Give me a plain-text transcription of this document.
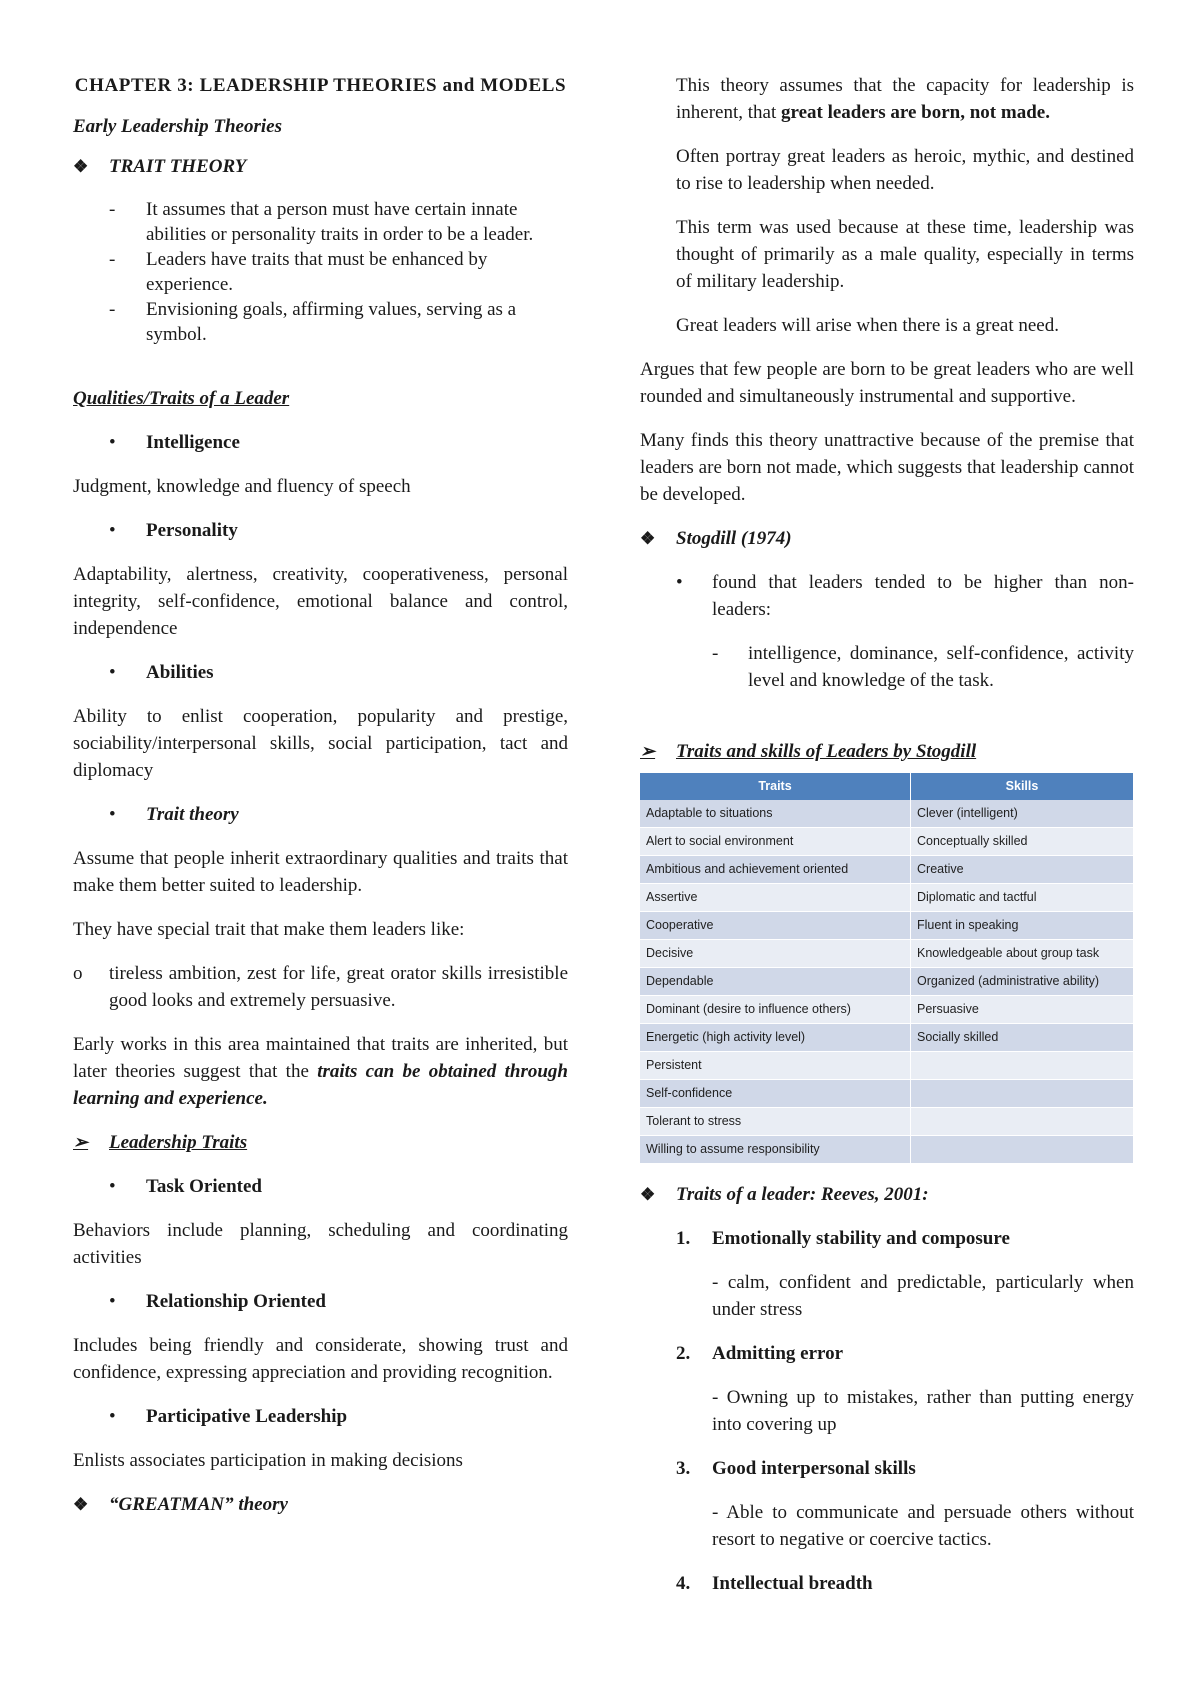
CHAPTER 3: LEADERSHIP THEORIES and MODELS

Early Leadership Theories

❖	TRAIT THEORY
-	It assumes that a person must have certain innate abilities or personality traits in order to be a leader.
-	Leaders have traits that must be enhanced by experience.
-	Envisioning goals, affirming values, serving as a symbol.

Qualities/Traits of a Leader

•	Intelligence

Judgment, knowledge and fluency of speech

•	Personality

Adaptability, alertness, creativity, cooperativeness, personal integrity, self-confidence, emotional balance and control, independence

•	Abilities

Ability to enlist cooperation, popularity and prestige, sociability/interpersonal skills, social participation, tact and diplomacy

•	Trait theory

Assume that people inherit extraordinary qualities and traits that make them better suited to leadership.

They have special trait that make them leaders like:

o	tireless ambition, zest for life, great orator skills irresistible good looks and extremely persuasive.

Early works in this area maintained that traits are inherited, but later theories suggest that the traits can be obtained through learning and experience.

➢	Leadership Traits
•	Task Oriented

Behaviors include planning, scheduling and coordinating activities

•	Relationship Oriented

Includes being friendly and considerate, showing trust and confidence, expressing appreciation and providing recognition.

•	Participative Leadership

Enlists associates participation in making decisions

❖	“GREATMAN” theory

This theory assumes that the capacity for leadership is inherent, that great leaders are born, not made.

Often portray great leaders as heroic, mythic, and destined to rise to leadership when needed.

This term was used because at these time, leadership was thought of primarily as a male quality, especially in terms of military leadership.

Great leaders will arise when there is a great need.

Argues that few people are born to be great leaders who are well rounded and simultaneously instrumental and supportive.

Many finds this theory unattractive because of the premise that leaders are born not made, which suggests that leadership cannot be developed.

❖	Stogdill (1974)
•	found that leaders tended to be higher than non-leaders:
-	intelligence, dominance, self-confidence, activity level and knowledge of the task.
➢	Traits and skills of Leaders by Stogdill
Traits	Skills
Adaptable to situations	Clever (intelligent)
Alert to social environment	Conceptually skilled
Ambitious and achievement oriented	Creative
Assertive	Diplomatic and tactful
Cooperative	Fluent in speaking
Decisive	Knowledgeable about group task
Dependable	Organized (administrative ability)
Dominant (desire to influence others)	Persuasive
Energetic (high activity level)	Socially skilled
Persistent	
Self-confidence	
Tolerant to stress	
Willing to assume responsibility	
❖	Traits of a leader: Reeves, 2001:
1.	Emotionally stability and composure

- calm, confident and predictable, particularly when under stress

2.	Admitting error

- Owning up to mistakes, rather than putting energy into covering up

3.	Good interpersonal skills

- Able to communicate and persuade others without resort to negative or coercive tactics.

4.	Intellectual breadth
